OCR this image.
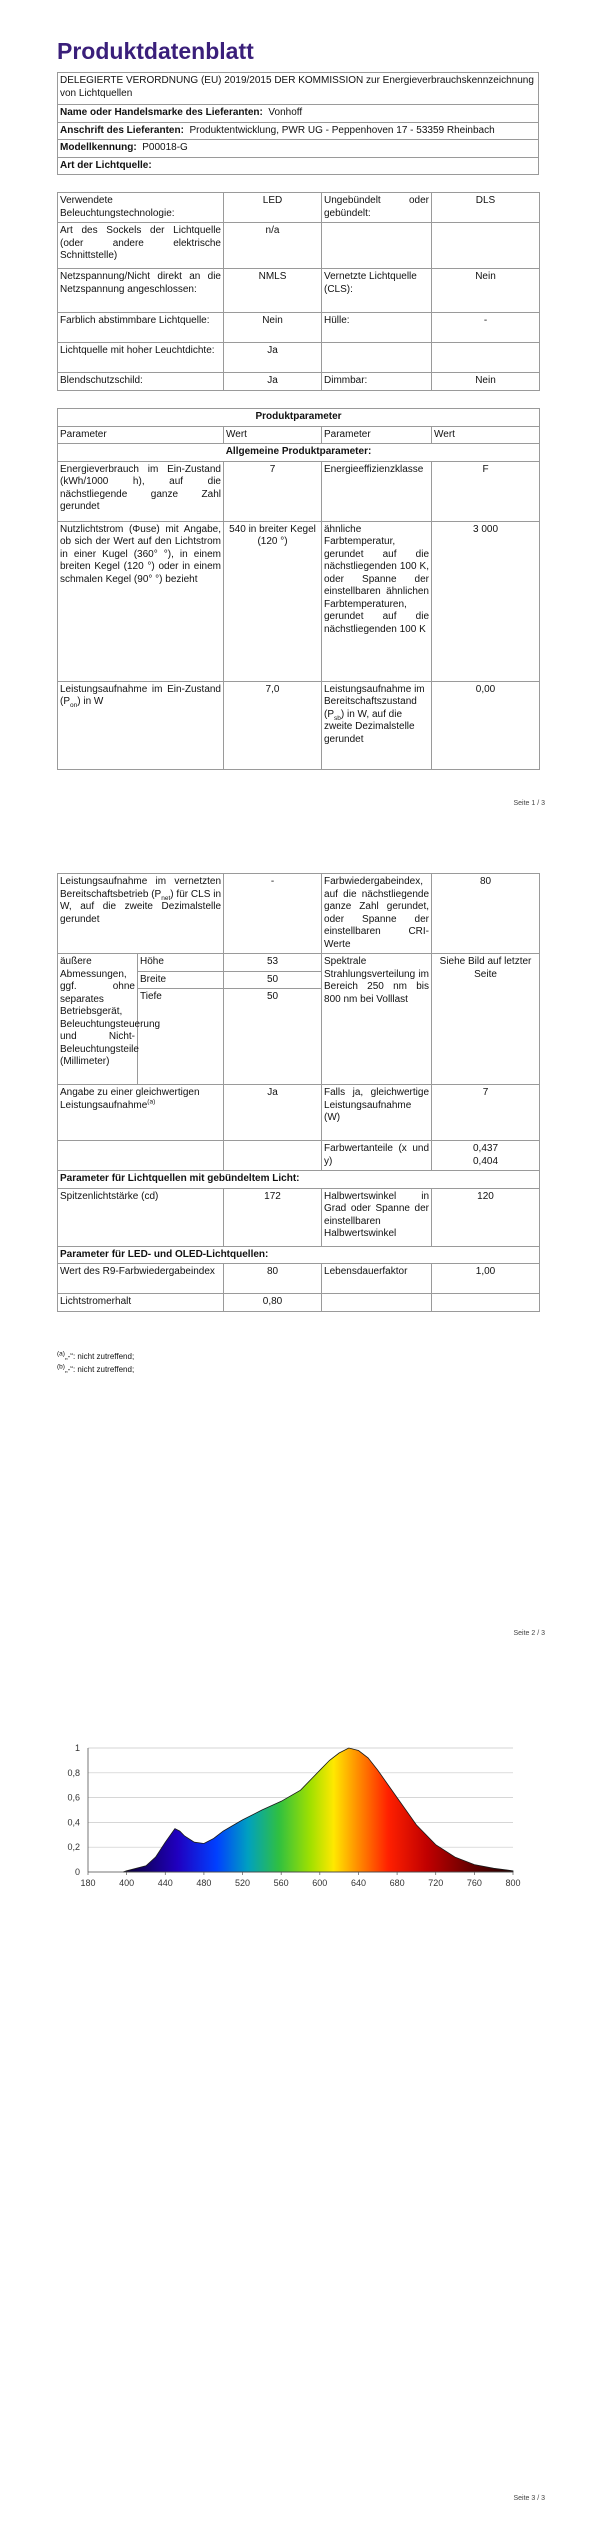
Produktdatenblatt
DELEGIERTE VERORDNUNG (EU) 2019/2015 DER KOMMISSION zur Energieverbrauchskennzeichnung von Lichtquellen
Name oder Handelsmarke des Lieferanten: Vonhoff
Anschrift des Lieferanten: Produktentwicklung, PWR UG - Peppenhoven 17 - 53359 Rheinbach
Modellkennung: P00018-G
Art der Lichtquelle:
Verwendete Beleuchtungstechnologie:	LED	Ungebündelt oder gebündelt:	DLS
Art des Sockels der Lichtquelle (oder andere elektrische Schnittstelle)	n/a		
Netzspannung/Nicht direkt an die Netzspannung angeschlossen:	NMLS	Vernetzte Lichtquelle (CLS):	Nein
Farblich abstimmbare Lichtquelle:	Nein	Hülle:	-
Lichtquelle mit hoher Leuchtdichte:	Ja		
Blendschutzschild:	Ja	Dimmbar:	Nein
Produktparameter			
Parameter	Wert	Parameter	Wert
Allgemeine Produktparameter:			
Energieverbrauch im Ein-Zustand (kWh/1000 h), auf die nächstliegende ganze Zahl gerundet	7	Energieeffizienzklasse	F
Nutzlichtstrom (Φuse) mit Angabe, ob sich der Wert auf den Lichtstrom in einer Kugel (360° °), in einem breiten Kegel (120 °) oder in einem schmalen Kegel (90° °) bezieht	540 in breiter Kegel (120 °)	ähnliche Farbtemperatur, gerundet auf die nächstliegenden 100 K, oder Spanne der einstellbaren ähnlichen Farbtemperaturen, gerundet auf die nächstliegenden 100 K	3 000
Leistungsaufnahme im Ein-Zustand $(P_{on})$ in W	7,0	Leistungsaufnahme im Bereitschaftszustand $(P_{sb})$ in W, auf die zweite Dezimalstelle gerundet	0,00
Seite 1 / 3
Leistungsaufnahme im vernetzten Bereitschaftsbetrieb $(P_{net})$ für CLS in W, auf die zweite Dezimalstelle gerundet		-	Farbwiedergabeindex, auf die nächstliegende ganze Zahl gerundet, oder Spanne der einstellbaren CRI-Werte	80
äußere Abmessungen, ggf. ohne separates Betriebsgerät, Beleuchtungsteuerung und Nicht-Beleuchtungsteile (Millimeter)	Höhe	53	Spektrale Strahlungsverteilung im Bereich 250 nm bis 800 nm bei Volllast	Siehe Bild auf letzter Seite
	Breite	50		
	Tiefe	50		
Angabe zu einer gleichwertigen Leistungsaufnahme$^{(a)}$		Ja	Falls ja, gleichwertige Leistungsaufnahme (W)	7
			Farbwertanteile (x und y)	0,437
0,404

Parameter für Lichtquellen mit gebündeltem Licht:				
Spitzenlichtstärke (cd)		172	Halbwertswinkel in Grad oder Spanne der einstellbaren Halbwertswinkel	120
Parameter für LED- und OLED-Lichtquellen:				
Wert des R9-Farbwiedergabeindex		80	Lebensdauerfaktor	1,00
Lichtstromerhalt		0,80		
$^{(a)}$„-“: nicht zutreffend;
$^{(b)}$„-“: nicht zutreffend;
Seite 2 / 3
0
0,2
0,4
0,6
0,8
1
180	400	440	480	520	560	600	640	680	720	760	800
Seite 3 / 3
